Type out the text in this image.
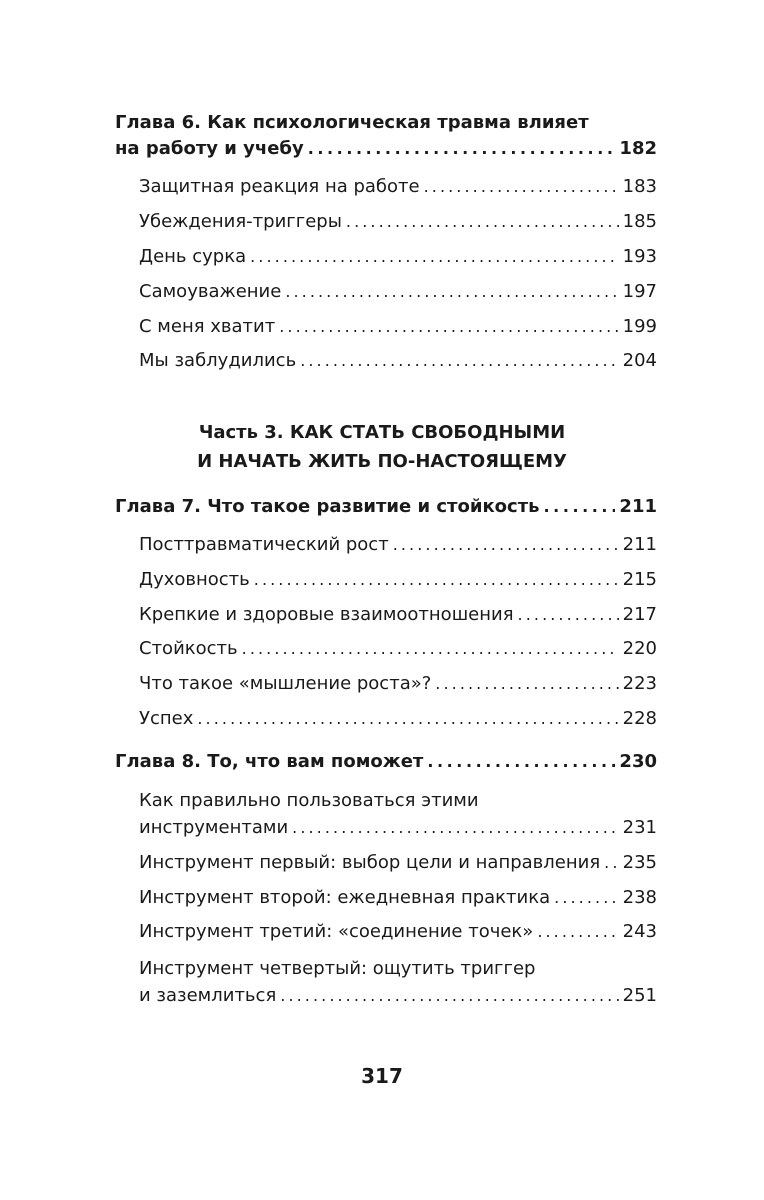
Глава 6. Как психологическая травма влияет
на работу и учебу . . .	182
Защитная реакция на работе . . .	183
Убеждения-триггеры . . .	185
День сурка . . .	193
Самоуважение . . .	197
С меня хватит . . .	199
Мы заблудились . . .	204
Часть 3. КАК СТАТЬ СВОБОДНЫМИ
И НАЧАТЬ ЖИТЬ ПО-НАСТОЯЩЕМУ
Глава 7. Что такое развитие и стойкость . . .	211
Посттравматический рост . . .	211
Духовность . . .	215
Крепкие и здоровые взаимоотношения . . .	217
Стойкость . . .	220
Что такое «мышление роста»? . . .	223
Успех . . .	228
Глава 8. То, что вам поможет . . .	230
Как правильно пользоваться этими
инструментами . . .	231
Инструмент первый: выбор цели и направления . . . 235
Инструмент второй: ежедневная практика . . .	238
Инструмент третий: «соединение точек» . . .	243
Инструмент четвертый: ощутить триггер
и заземлиться . . .	251
317
